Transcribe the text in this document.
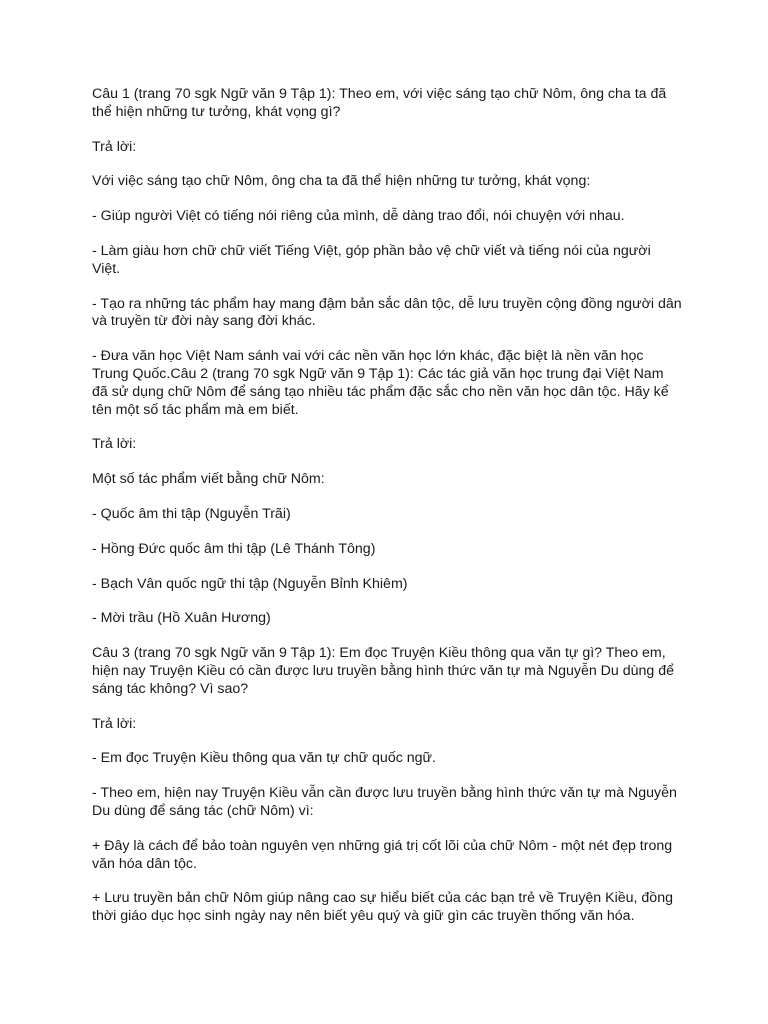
Câu 1 (trang 70 sgk Ngữ văn 9 Tập 1): Theo em, với việc sáng tạo chữ Nôm, ông cha ta đã thể hiện những tư tưởng, khát vọng gì?

Trả lời:

Với việc sáng tạo chữ Nôm, ông cha ta đã thể hiện những tư tưởng, khát vọng:

- Giúp người Việt có tiếng nói riêng của mình, dễ dàng trao đổi, nói chuyện với nhau.

- Làm giàu hơn chữ chữ viết Tiếng Việt, góp phần bảo vệ chữ viết và tiếng nói của người Việt.

- Tạo ra những tác phẩm hay mang đậm bản sắc dân tộc, dễ lưu truyền cộng đồng người dân và truyền từ đời này sang đời khác.

- Đưa văn học Việt Nam sánh vai với các nền văn học lớn khác, đặc biệt là nền văn học Trung Quốc.Câu 2 (trang 70 sgk Ngữ văn 9 Tập 1): Các tác giả văn học trung đại Việt Nam đã sử dụng chữ Nôm để sáng tạo nhiều tác phẩm đặc sắc cho nền văn học dân tộc. Hãy kể tên một số tác phẩm mà em biết.

Trả lời:

Một số tác phẩm viết bằng chữ Nôm:

- Quốc âm thi tập (Nguyễn Trãi)

- Hồng Đức quốc âm thi tập (Lê Thánh Tông)

- Bạch Vân quốc ngữ thi tập (Nguyễn Bỉnh Khiêm)

- Mời trầu (Hồ Xuân Hương)

Câu 3 (trang 70 sgk Ngữ văn 9 Tập 1): Em đọc Truyện Kiều thông qua văn tự gì? Theo em, hiện nay Truyện Kiều có cần được lưu truyền bằng hình thức văn tự mà Nguyễn Du dùng để sáng tác không? Vì sao?

Trả lời:

- Em đọc Truyện Kiều thông qua văn tự chữ quốc ngữ.

- Theo em, hiện nay Truyện Kiều vẫn cần được lưu truyền bằng hình thức văn tự mà Nguyễn Du dùng để sáng tác (chữ Nôm) vì:

+ Đây là cách để bảo toàn nguyên vẹn những giá trị cốt lõi của chữ Nôm - một nét đẹp trong văn hóa dân tộc.

+ Lưu truyền bản chữ Nôm giúp nâng cao sự hiểu biết của các bạn trẻ về Truyện Kiều, đồng thời giáo dục học sinh ngày nay nên biết yêu quý và giữ gìn các truyền thống văn hóa.
